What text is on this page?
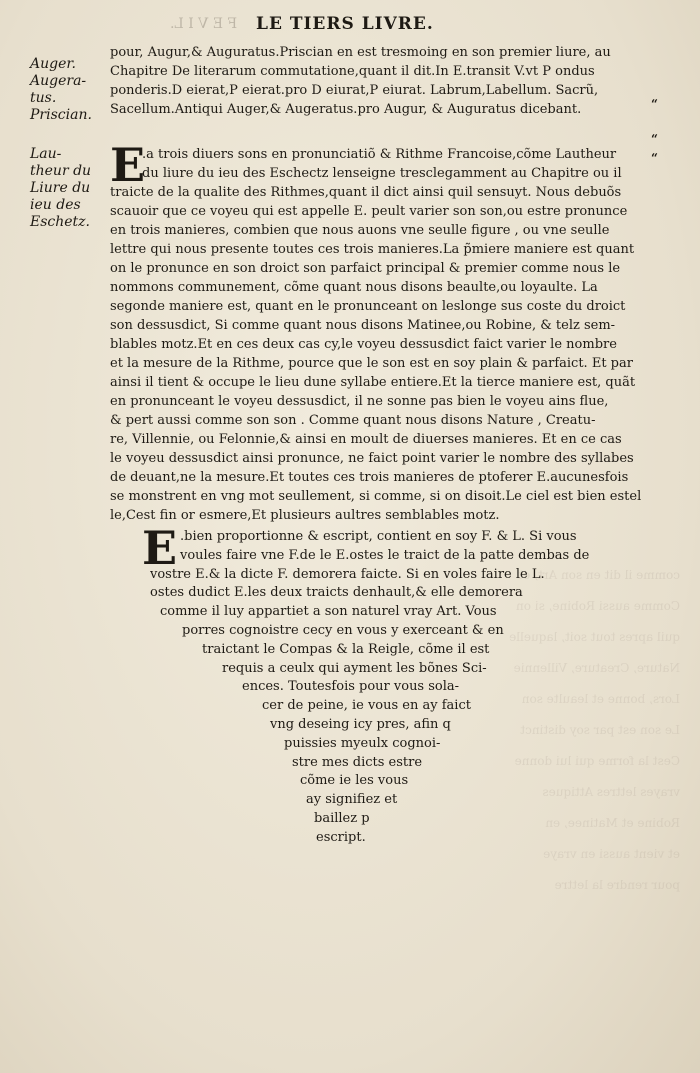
comme il dit en son Art, et
Comme aussi Robine, si on
quil apres tout soit, laquelle
Nature, Creature, Villennie
Lors, bonne et leaulte son
Le son est par soy distinct
Cest la forme qui lui donne
vrayes lettres Attiques
Robine et Matinee, en
et vient aussi en vraye
pour rendre la lettre
F E V I L. LE TIERS LIVRE.
Auger.
Augera-
tus.
Priscian.
Lau-
theur du
Liure du
ieu des
Eschetz.
“
“
“
pour, Augur,& Auguratus.Priscian en est tresmoing en son premier liure, au
Chapitre De literarum commutatione,quant il dit.In E.transit V.vt P ondus
ponderis.D eierat,P eierat.pro D eiurat,P eiurat. Labrum,Labellum. Sacrũ,
Sacellum.Antiqui Auger,& Augeratus.pro Augur, & Auguratus dicebant.
E
.a trois diuers sons en pronunciatiõ & Rithme Francoise,cõme Lautheur
du liure du ieu des Eschectz lenseigne tresclegamment au Chapitre ou il
traicte de la qualite des Rithmes,quant il dict ainsi quil sensuyt. Nous debuõs
scauoir que ce voyeu qui est appelle E. peult varier son son,ou estre pronunce
en trois manieres, combien que nous auons vne seulle figure , ou vne seulle
lettre qui nous presente toutes ces trois manieres.La p̃miere maniere est quant
on le pronunce en son droict son parfaict principal & premier comme nous le
nommons communement, cõme quant nous disons beaulte,ou loyaulte. La
segonde maniere est, quant en le pronunceant on leslonge sus coste du droict
son dessusdict, Si comme quant nous disons Matinee,ou Robine, & telz sem-
blables motz.Et en ces deux cas cy,le voyeu dessusdict faict varier le nombre
et la mesure de la Rithme, pource que le son est en soy plain & parfaict. Et par
ainsi il tient & occupe le lieu dune syllabe entiere.Et la tierce maniere est, quãt
en pronunceant le voyeu dessusdict, il ne sonne pas bien le voyeu ains flue,
& pert aussi comme son son . Comme quant nous disons Nature , Creatu-
re, Villennie, ou Felonnie,& ainsi en moult de diuerses manieres. Et en ce cas
le voyeu dessusdict ainsi pronunce, ne faict point varier le nombre des syllabes
de deuant,ne la mesure.Et toutes ces trois manieres de ptoferer E.aucunesfois
se monstrent en vng mot seullement, si comme, si on disoit.Le ciel est bien estel
le,Cest fin or esmere,Et plusieurs aultres semblables motz.
E .bien proportionne & escript, contient en soy F. & L. Si vous
voules faire vne F.de le E.ostes le traict de la patte dembas de
vostre E.& la dicte F. demorera faicte. Si en voles faire le L.
ostes dudict E.les deux traicts denhault,& elle demorera
comme il luy appartiet a son naturel vray Art. Vous
porres cognoistre cecy en vous y exerceant & en
traictant le Compas & la Reigle, cõme il est
requis a ceulx qui ayment les bõnes Sci-
ences. Toutesfois pour vous sola-
cer de peine, ie vous en ay faict
vng deseing icy pres, afin q
puissies myeulx cognoi-
stre mes dicts estre
cõme ie les vous
ay signifiez et
baillez p
escript.
